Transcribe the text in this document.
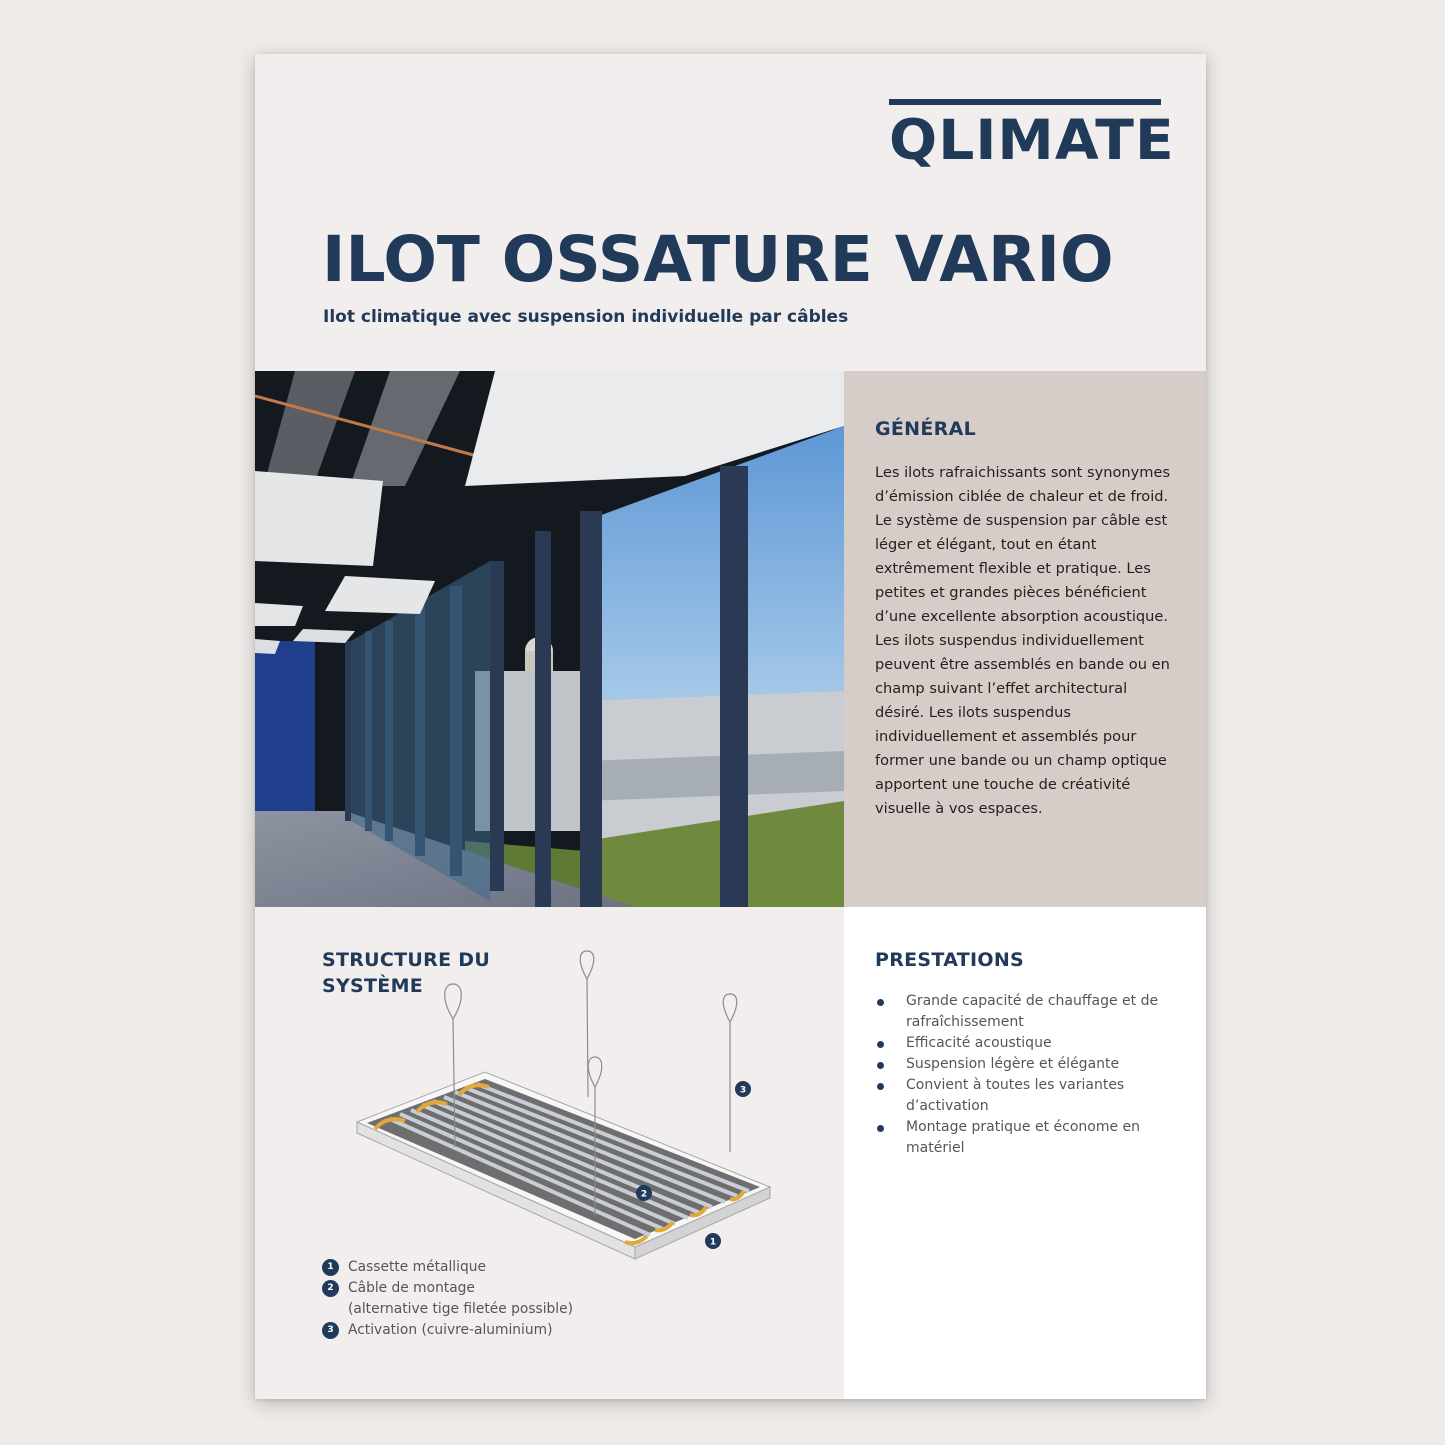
QLIMATE
ILOT OSSATURE VARIO

Ilot climatique avec suspension individuelle par câbles

GÉNÉRAL

Les ilots rafraichissants sont synonymes d’émission ciblée de chaleur et de froid. Le système de suspension par câble est léger et élégant, tout en étant extrêmement flexible et pratique. Les petites et grandes pièces bénéficient d’une excellente absorption acoustique.
Les ilots suspendus individuellement peuvent être assemblés en bande ou en champ suivant l’effet architectural désiré. Les ilots suspendus individuellement et assemblés pour former une bande ou un champ optique apportent une touche de créativité visuelle à vos espaces.

STRUCTURE DU SYSTÈME
1
2
3
1	Cassette métallique
2	Câble de montage
(alternative tige filetée possible)
3	Activation (cuivre-aluminium)
PRESTATIONS
Grande capacité de chauffage et de rafraîchissement
Efficacité acoustique
Suspension légère et élégante
Convient à toutes les variantes d’activation
Montage pratique et économe en matériel
